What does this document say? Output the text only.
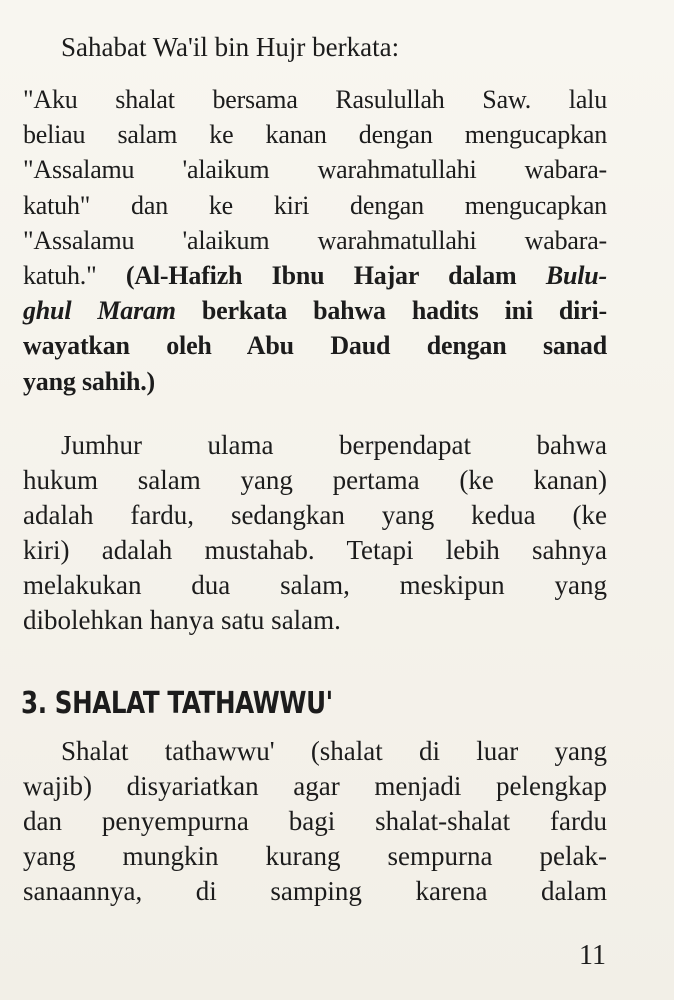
Sahabat Wa'il bin Hujr berkata:
"Aku shalat bersama Rasulullah Saw. lalu
beliau salam ke kanan dengan mengucapkan
"Assalamu 'alaikum warahmatullahi wabara-
katuh" dan ke kiri dengan mengucapkan
"Assalamu 'alaikum warahmatullahi wabara-
katuh." (Al-Hafizh Ibnu Hajar dalam Bulu-
ghul Maram berkata bahwa hadits ini diri-
wayatkan oleh Abu Daud dengan sanad
yang sahih.)
Jumhur ulama berpendapat bahwa
hukum salam yang pertama (ke kanan)
adalah fardu, sedangkan yang kedua (ke
kiri) adalah mustahab. Tetapi lebih sahnya
melakukan dua salam, meskipun yang
dibolehkan hanya satu salam.
3. SHALAT TATHAWWU'
Shalat tathawwu' (shalat di luar yang
wajib) disyariatkan agar menjadi pelengkap
dan penyempurna bagi shalat-shalat fardu
yang mungkin kurang sempurna pelak-
sanaannya, di samping karena dalam
11
